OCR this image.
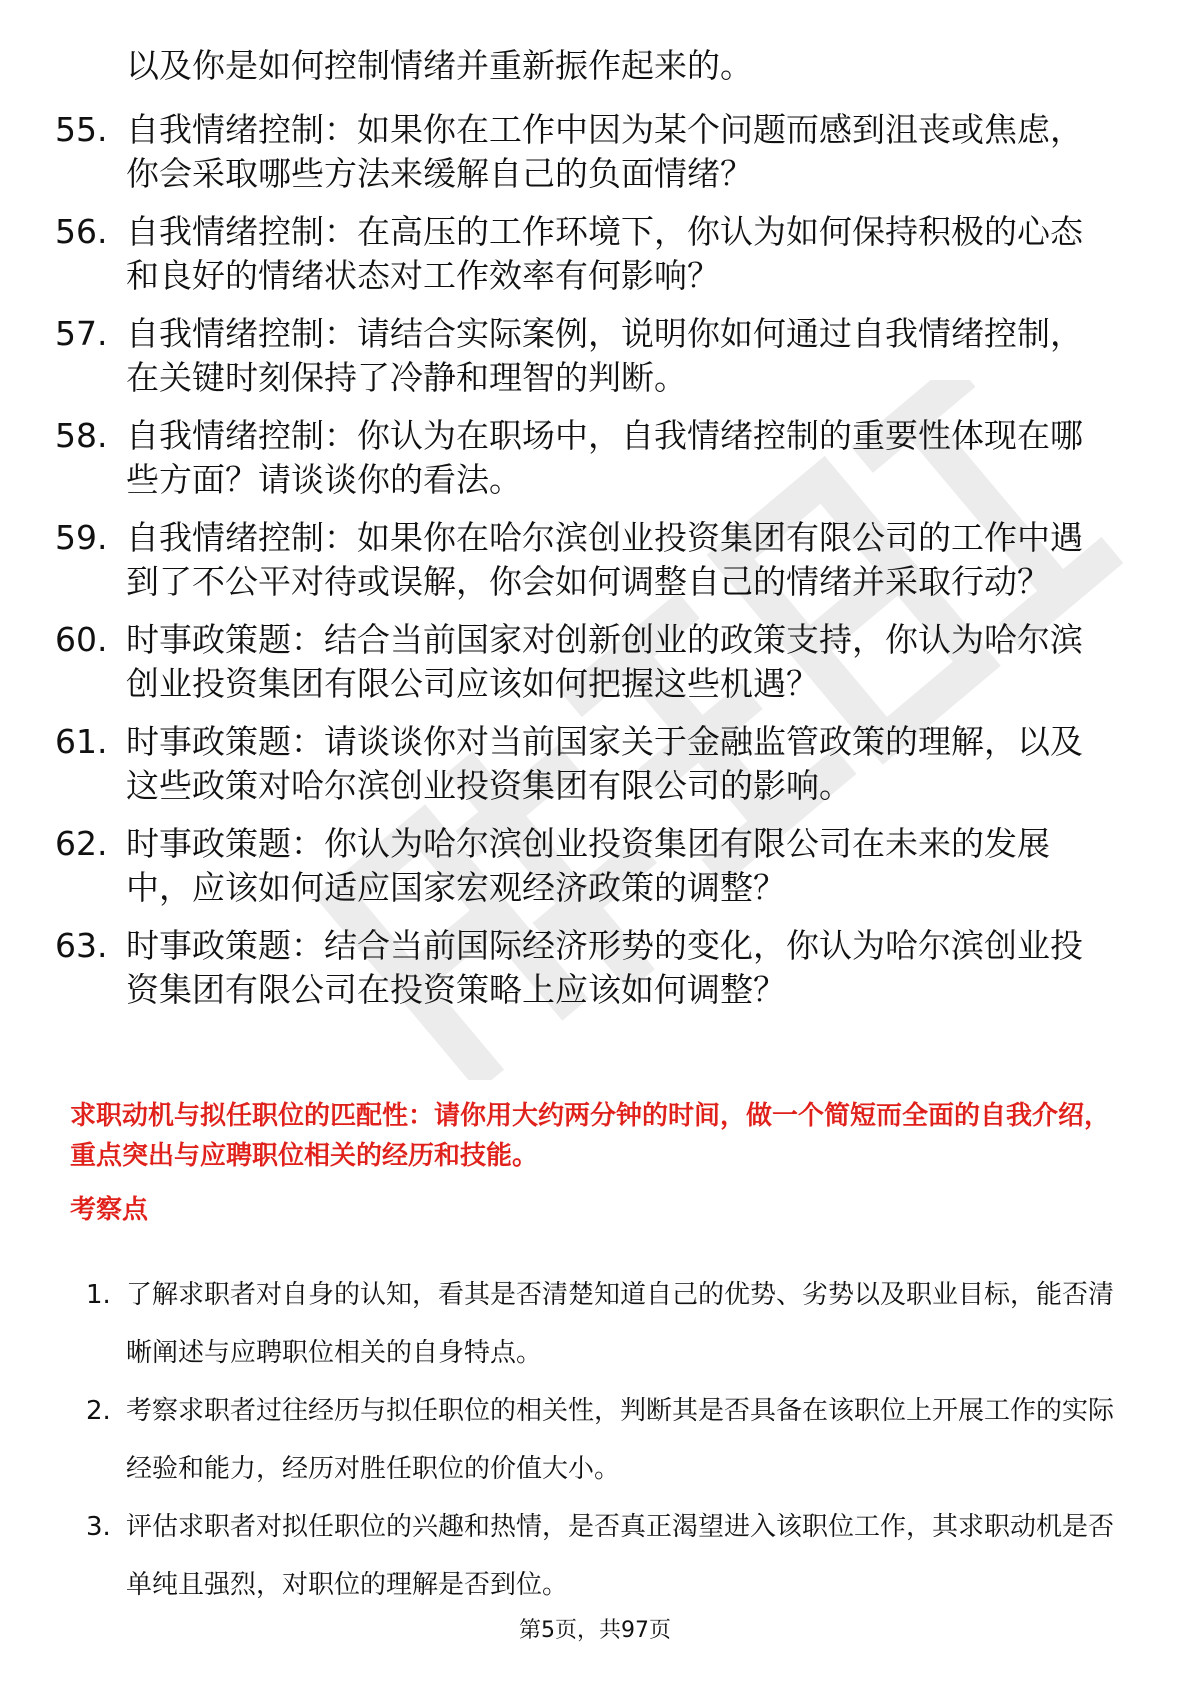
以及你是如何控制情绪并重新振作起来的。

55. 自我情绪控制：如果你在工作中因为某个问题而感到沮丧或焦虑，你会采取哪些方法来缓解自己的负面情绪？
56. 自我情绪控制：在高压的工作环境下，你认为如何保持积极的心态和良好的情绪状态对工作效率有何影响？
57. 自我情绪控制：请结合实际案例，说明你如何通过自我情绪控制，在关键时刻保持了冷静和理智的判断。
58. 自我情绪控制：你认为在职场中，自我情绪控制的重要性体现在哪些方面？请谈谈你的看法。
59. 自我情绪控制：如果你在哈尔滨创业投资集团有限公司的工作中遇到了不公平对待或误解，你会如何调整自己的情绪并采取行动？
60. 时事政策题：结合当前国家对创新创业的政策支持，你认为哈尔滨创业投资集团有限公司应该如何把握这些机遇？
61. 时事政策题：请谈谈你对当前国家关于金融监管政策的理解，以及这些政策对哈尔滨创业投资集团有限公司的影响。
62. 时事政策题：你认为哈尔滨创业投资集团有限公司在未来的发展中，应该如何适应国家宏观经济政策的调整？
63. 时事政策题：结合当前国际经济形势的变化，你认为哈尔滨创业投资集团有限公司在投资策略上应该如何调整？

求职动机与拟任职位的匹配性：请你用大约两分钟的时间，做一个简短而全面的自我介绍，重点突出与应聘职位相关的经历和技能。

考察点
1. 了解求职者对自身的认知，看其是否清楚知道自己的优势、劣势以及职业目标，能否清晰阐述与应聘职位相关的自身特点。
2. 考察求职者过往经历与拟任职位的相关性，判断其是否具备在该职位上开展工作的实际经验和能力，经历对胜任职位的价值大小。
3. 评估求职者对拟任职位的兴趣和热情，是否真正渴望进入该职位工作，其求职动机是否单纯且强烈，对职位的理解是否到位。
第5页，共97页
